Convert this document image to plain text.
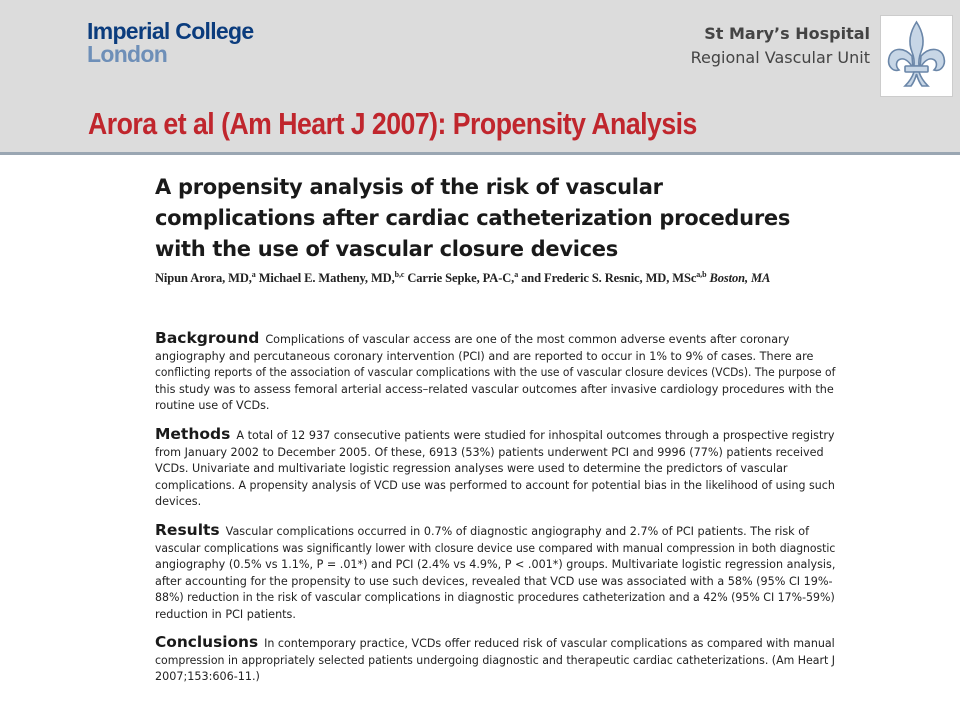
Imperial College
London
St Mary’s Hospital
Regional Vascular Unit
Arora et al (Am Heart J 2007): Propensity Analysis
A propensity analysis of the risk of vascular
complications after cardiac catheterization procedures
with the use of vascular closure devices
Nipun Arora, MD,$^a$ Michael E. Matheny, MD,$^{b,c}$ Carrie Sepke, PA-C,$^a$ and Frederic S. Resnic, MD, MSc$^{a,b}$ Boston, MA
Background Complications of vascular access are one of the most common adverse events after coronary
angiography and percutaneous coronary intervention (PCI) and are reported to occur in 1% to 9% of cases. There are
conflicting reports of the association of vascular complications with the use of vascular closure devices (VCDs). The purpose of
this study was to assess femoral arterial access–related vascular outcomes after invasive cardiology procedures with the
routine use of VCDs.
Methods A total of 12 937 consecutive patients were studied for inhospital outcomes through a prospective registry
from January 2002 to December 2005. Of these, 6913 (53%) patients underwent PCI and 9996 (77%) patients received
VCDs. Univariate and multivariate logistic regression analyses were used to determine the predictors of vascular
complications. A propensity analysis of VCD use was performed to account for potential bias in the likelihood of using such
devices.
Results Vascular complications occurred in 0.7% of diagnostic angiography and 2.7% of PCI patients. The risk of
vascular complications was significantly lower with closure device use compared with manual compression in both diagnostic
angiography (0.5% vs 1.1%, P = .01*) and PCI (2.4% vs 4.9%, P < .001*) groups. Multivariate logistic regression analysis,
after accounting for the propensity to use such devices, revealed that VCD use was associated with a 58% (95% CI 19%-
88%) reduction in the risk of vascular complications in diagnostic procedures catheterization and a 42% (95% CI 17%-59%)
reduction in PCI patients.
Conclusions In contemporary practice, VCDs offer reduced risk of vascular complications as compared with manual
compression in appropriately selected patients undergoing diagnostic and therapeutic cardiac catheterizations. (Am Heart J
2007;153:606-11.)
